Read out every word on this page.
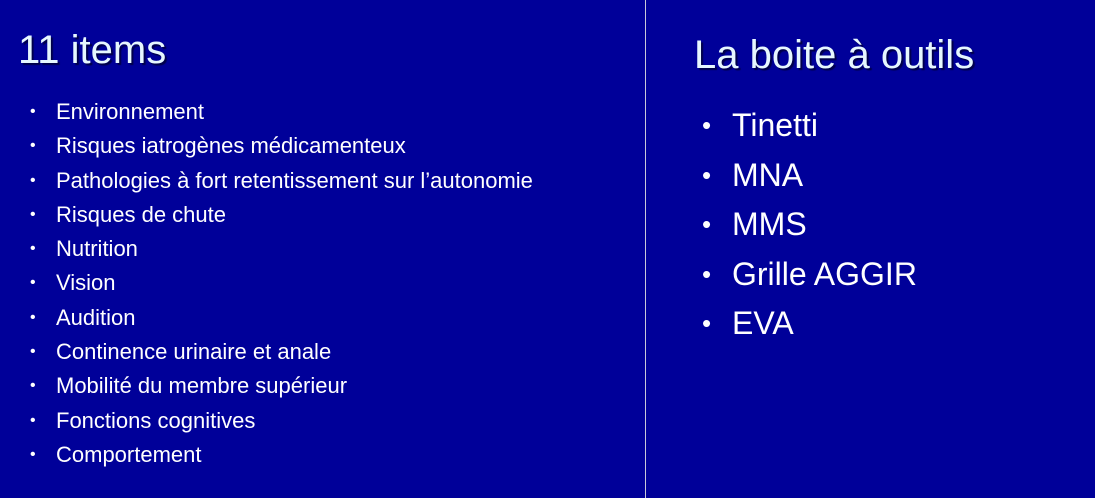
11 items
• Environnement
• Risques iatrogènes médicamenteux
• Pathologies à fort retentissement sur l’autonomie
• Risques de chute
• Nutrition
• Vision
• Audition
• Continence urinaire et anale
• Mobilité du membre supérieur
• Fonctions cognitives
• Comportement
La boite à outils
• Tinetti
• MNA
• MMS
• Grille AGGIR
• EVA
